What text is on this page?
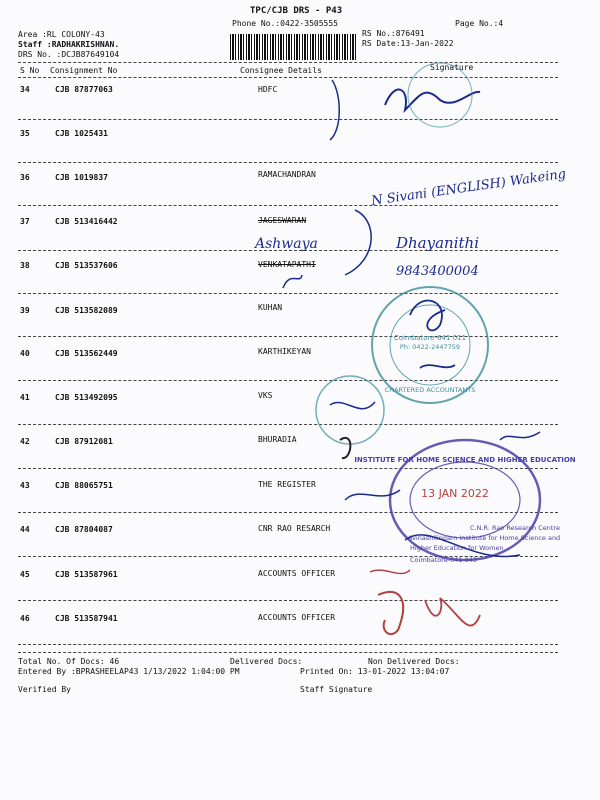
TPC/CJB DRS - P43
Phone No.:0422-3505555	Page No.:4
Area :RL COLONY-43
Staff :RADHAKRISHNAN.
DRS No. :DCJB87649104
RS No.:876491
RS Date:13-Jan-2022
S No Consignment No	Consignee Details	Signature
34	CJB 87877063	HDFC
35	CJB 1025431
36	CJB 1019837	RAMACHANDRAN
37	CJB 513416442	JAGESWARAN
38	CJB 513537606	VENKATAPATHI
39	CJB 513582089	KUHAN
40	CJB 513562449	KARTHIKEYAN
41	CJB 513492095	VKS
42	CJB 87912081	BHURADIA
43	CJB 88065751	THE REGISTER
44	CJB 87804087	CNR RAO RESARCH
45	CJB 513587961	ACCOUNTS OFFICER
46	CJB 513587941	ACCOUNTS OFFICER
Total No. Of Docs: 46	Delivered Docs:	Non Delivered Docs:
Entered By :BPRASHEELAP43 1/13/2022 1:04:00 PM	Printed On: 13-01-2022 13:04:07
Verified By	Staff Signature
N Sivani (ENGLISH) Wakeing
Ashwaya	Dhayanithi
9843400004
Coimbatore-641 011
Ph: 0422-2447759
CHARTERED ACCOUNTANTS
INSTITUTE FOR HOME SCIENCE AND HIGHER EDUCATION
13 JAN 2022
C.N.R. Rao Research Centre
Avinashilingam Institute for Home Science and
Higher Education for Women
Coimbatore-641 043
